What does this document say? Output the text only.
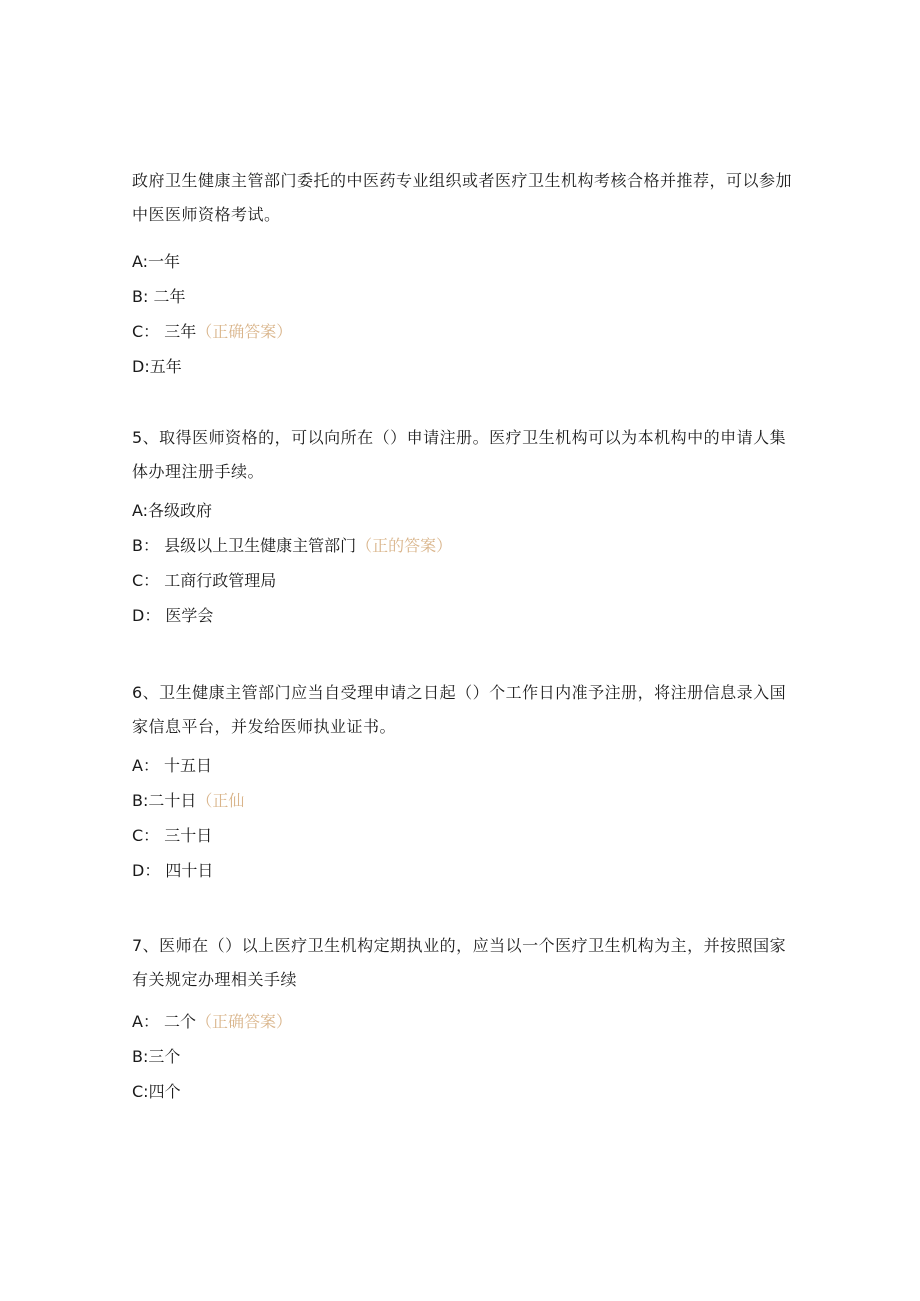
政府卫生健康主管部门委托的中医药专业组织或者医疗卫生机构考核合格并推荐，可以参加中医医师资格考试。

A:一年

B: 二年

C： 三年（正确答案）

D:五年

5、取得医师资格的，可以向所在（）申请注册。医疗卫生机构可以为本机构中的申请人集体办理注册手续。

A:各级政府

B： 县级以上卫生健康主管部门（正的答案）

C： 工商行政管理局

D： 医学会

6、卫生健康主管部门应当自受理申请之日起（）个工作日内准予注册，将注册信息录入国家信息平台，并发给医师执业证书。

A： 十五日

B:二十日（正仙

C： 三十日

D： 四十日

7、医师在（）以上医疗卫生机构定期执业的，应当以一个医疗卫生机构为主，并按照国家有关规定办理相关手续

A： 二个（正确答案）

B:三个

C:四个
